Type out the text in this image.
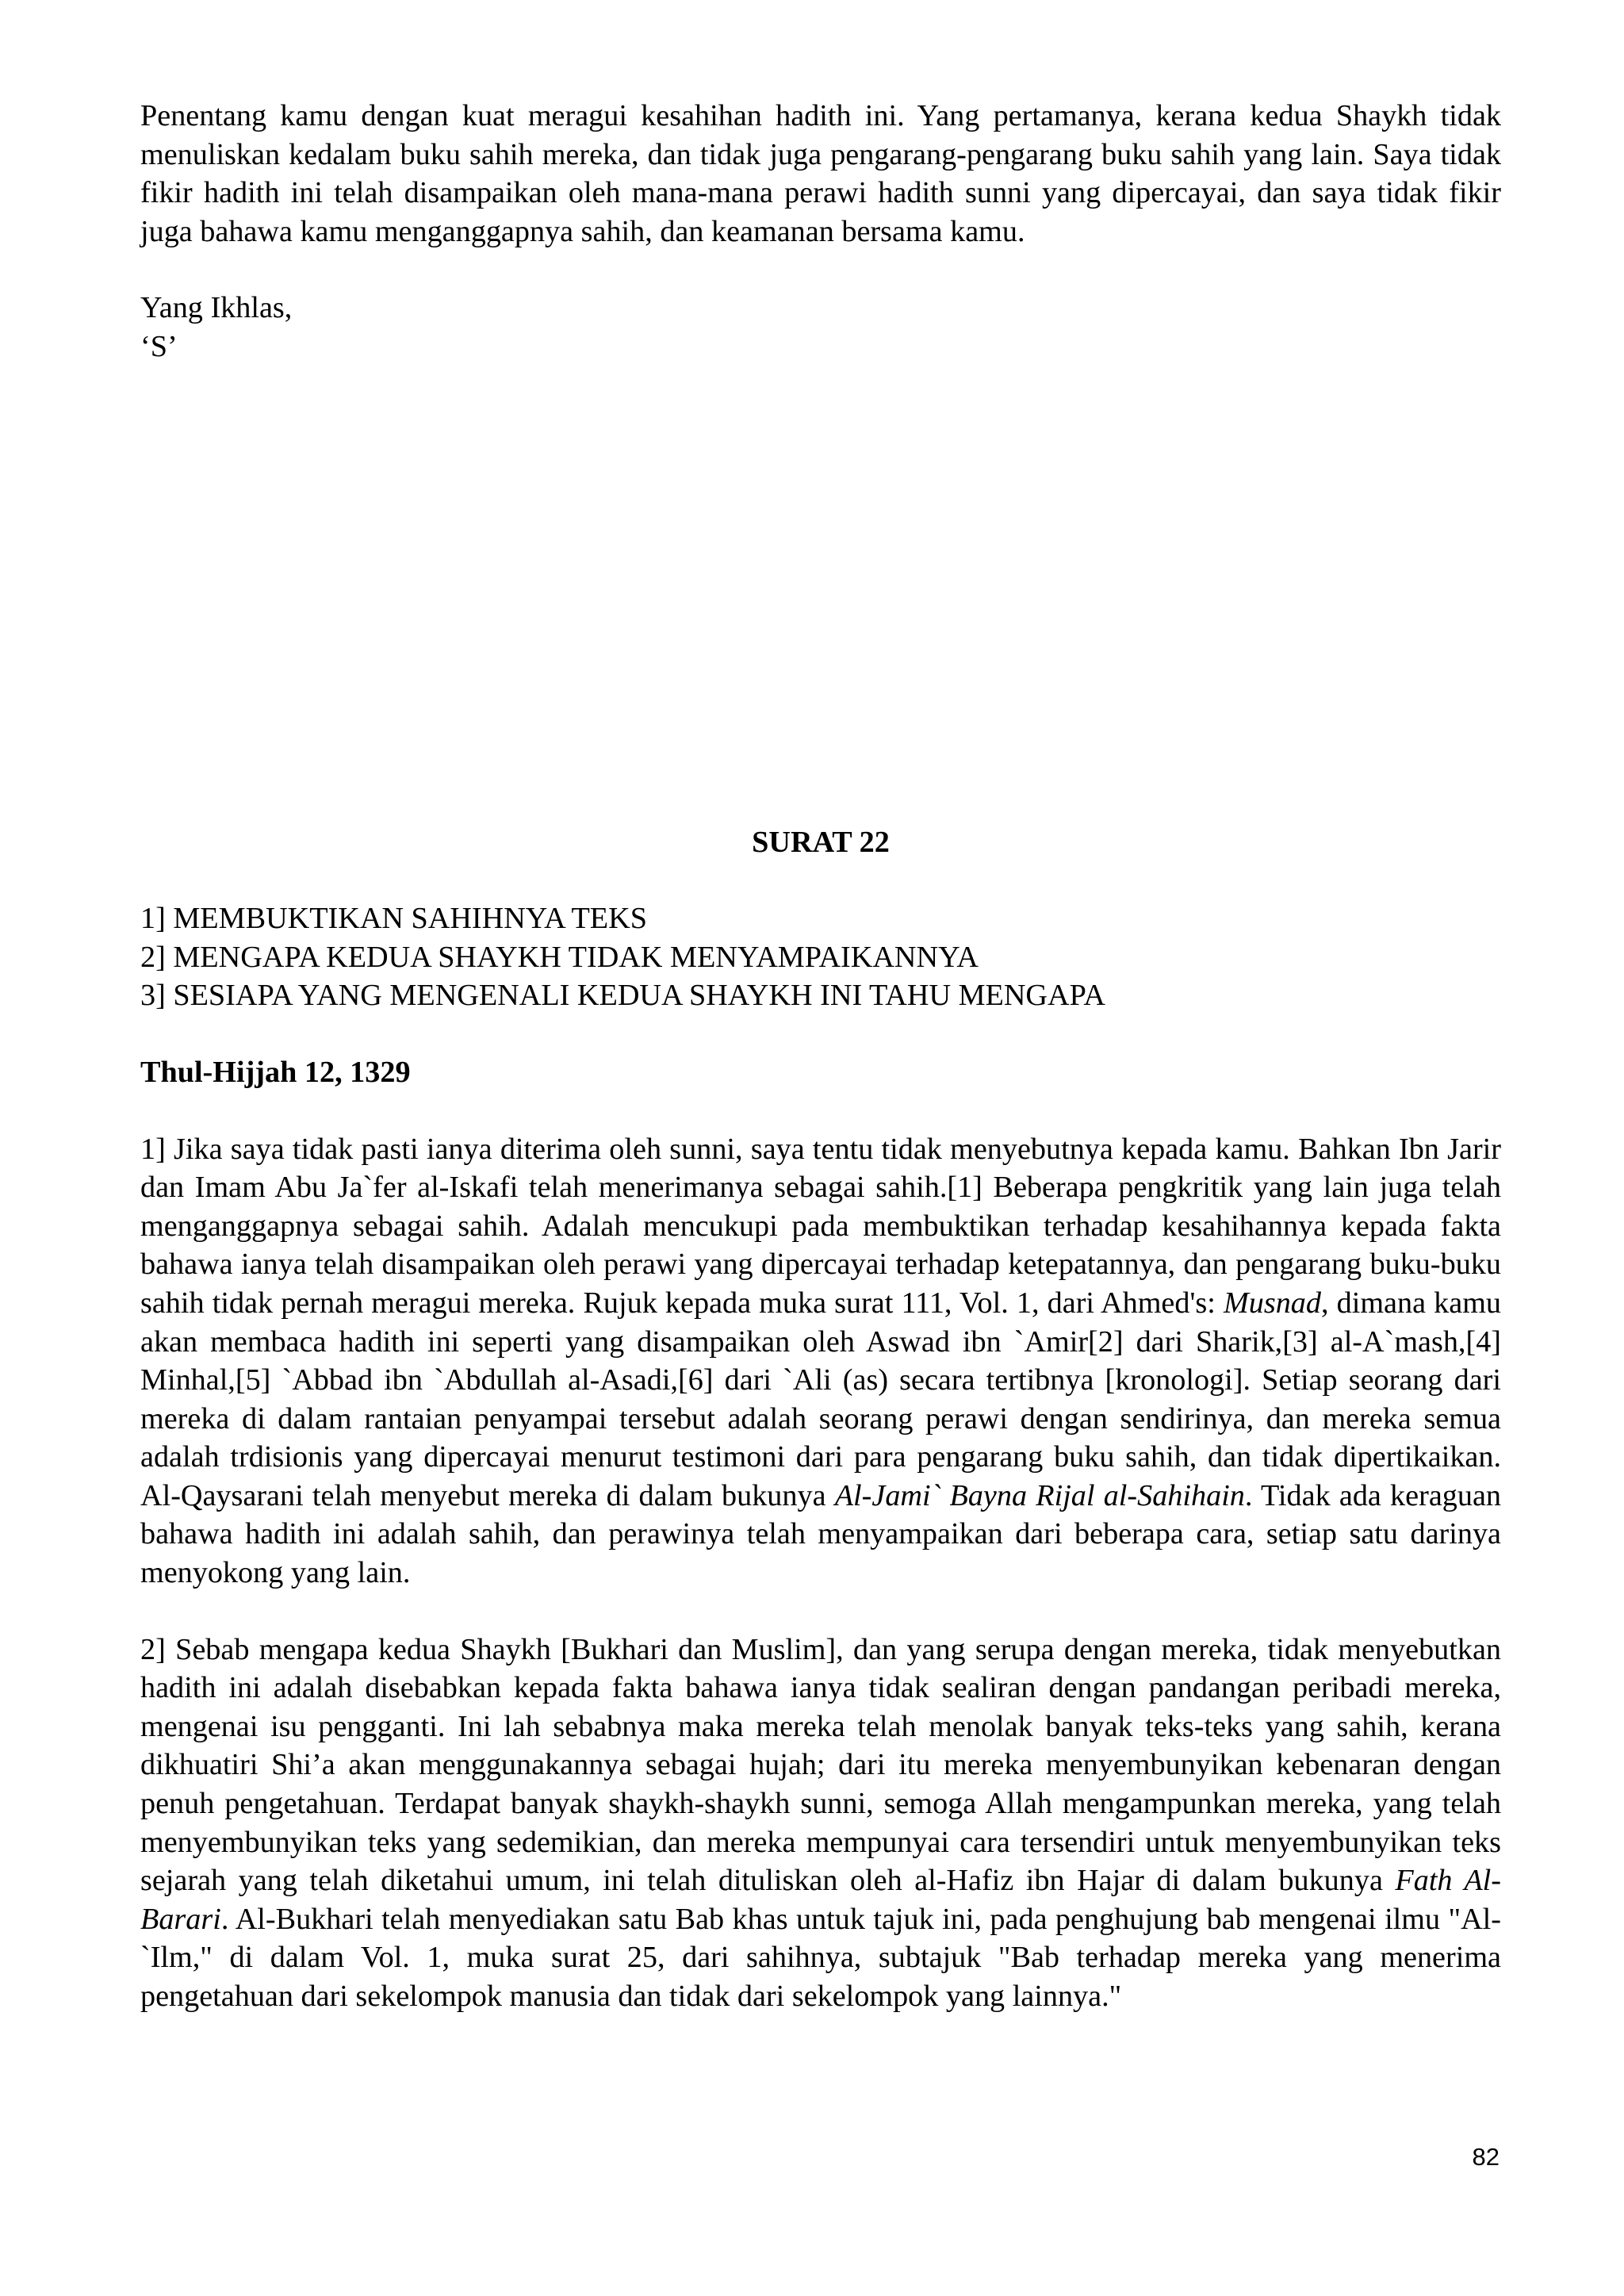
Penentang kamu dengan kuat meragui kesahihan hadith ini. Yang pertamanya, kerana kedua Shaykh tidak menuliskan kedalam buku sahih mereka, dan tidak juga pengarang-pengarang buku sahih yang lain. Saya tidak fikir hadith ini telah disampaikan oleh mana-mana perawi hadith sunni yang dipercayai, dan saya tidak fikir juga bahawa kamu menganggapnya sahih, dan keamanan bersama kamu.

Yang Ikhlas,

‘S’

SURAT 22

1] MEMBUKTIKAN SAHIHNYA TEKS

2] MENGAPA KEDUA SHAYKH TIDAK MENYAMPAIKANNYA

3] SESIAPA YANG MENGENALI KEDUA SHAYKH INI TAHU MENGAPA

Thul-Hijjah 12, 1329

1] Jika saya tidak pasti ianya diterima oleh sunni, saya tentu tidak menyebutnya kepada kamu. Bahkan Ibn Jarir dan Imam Abu Ja`fer al-Iskafi telah menerimanya sebagai sahih.[1] Beberapa pengkritik yang lain juga telah menganggapnya sebagai sahih. Adalah mencukupi pada membuktikan terhadap kesahihannya kepada fakta bahawa ianya telah disampaikan oleh perawi yang dipercayai terhadap ketepatannya, dan pengarang buku-buku sahih tidak pernah meragui mereka. Rujuk kepada muka surat 111, Vol. 1, dari Ahmed's: Musnad, dimana kamu akan membaca hadith ini seperti yang disampaikan oleh Aswad ibn `Amir[2] dari Sharik,[3] al-A`mash,[4] Minhal,[5] `Abbad ibn `Abdullah al-Asadi,[6] dari `Ali (as) secara tertibnya [kronologi]. Setiap seorang dari mereka di dalam rantaian penyampai tersebut adalah seorang perawi dengan sendirinya, dan mereka semua adalah trdisionis yang dipercayai menurut testimoni dari para pengarang buku sahih, dan tidak dipertikaikan. Al-Qaysarani telah menyebut mereka di dalam bukunya Al-Jami` Bayna Rijal al-Sahihain. Tidak ada keraguan bahawa hadith ini adalah sahih, dan perawinya telah menyampaikan dari beberapa cara, setiap satu darinya menyokong yang lain.

2] Sebab mengapa kedua Shaykh [Bukhari dan Muslim], dan yang serupa dengan mereka, tidak menyebutkan hadith ini adalah disebabkan kepada fakta bahawa ianya tidak sealiran dengan pandangan peribadi mereka, mengenai isu pengganti. Ini lah sebabnya maka mereka telah menolak banyak teks-teks yang sahih, kerana dikhuatiri Shi’a akan menggunakannya sebagai hujah; dari itu mereka menyembunyikan kebenaran dengan penuh pengetahuan. Terdapat banyak shaykh-shaykh sunni, semoga Allah mengampunkan mereka, yang telah menyembunyikan teks yang sedemikian, dan mereka mempunyai cara tersendiri untuk menyembunyikan teks sejarah yang telah diketahui umum, ini telah dituliskan oleh al-Hafiz ibn Hajar di dalam bukunya Fath Al-Barari. Al-Bukhari telah menyediakan satu Bab khas untuk tajuk ini, pada penghujung bab mengenai ilmu "Al-`Ilm," di dalam Vol. 1, muka surat 25, dari sahihnya, subtajuk "Bab terhadap mereka yang menerima pengetahuan dari sekelompok manusia dan tidak dari sekelompok yang lainnya."

82
